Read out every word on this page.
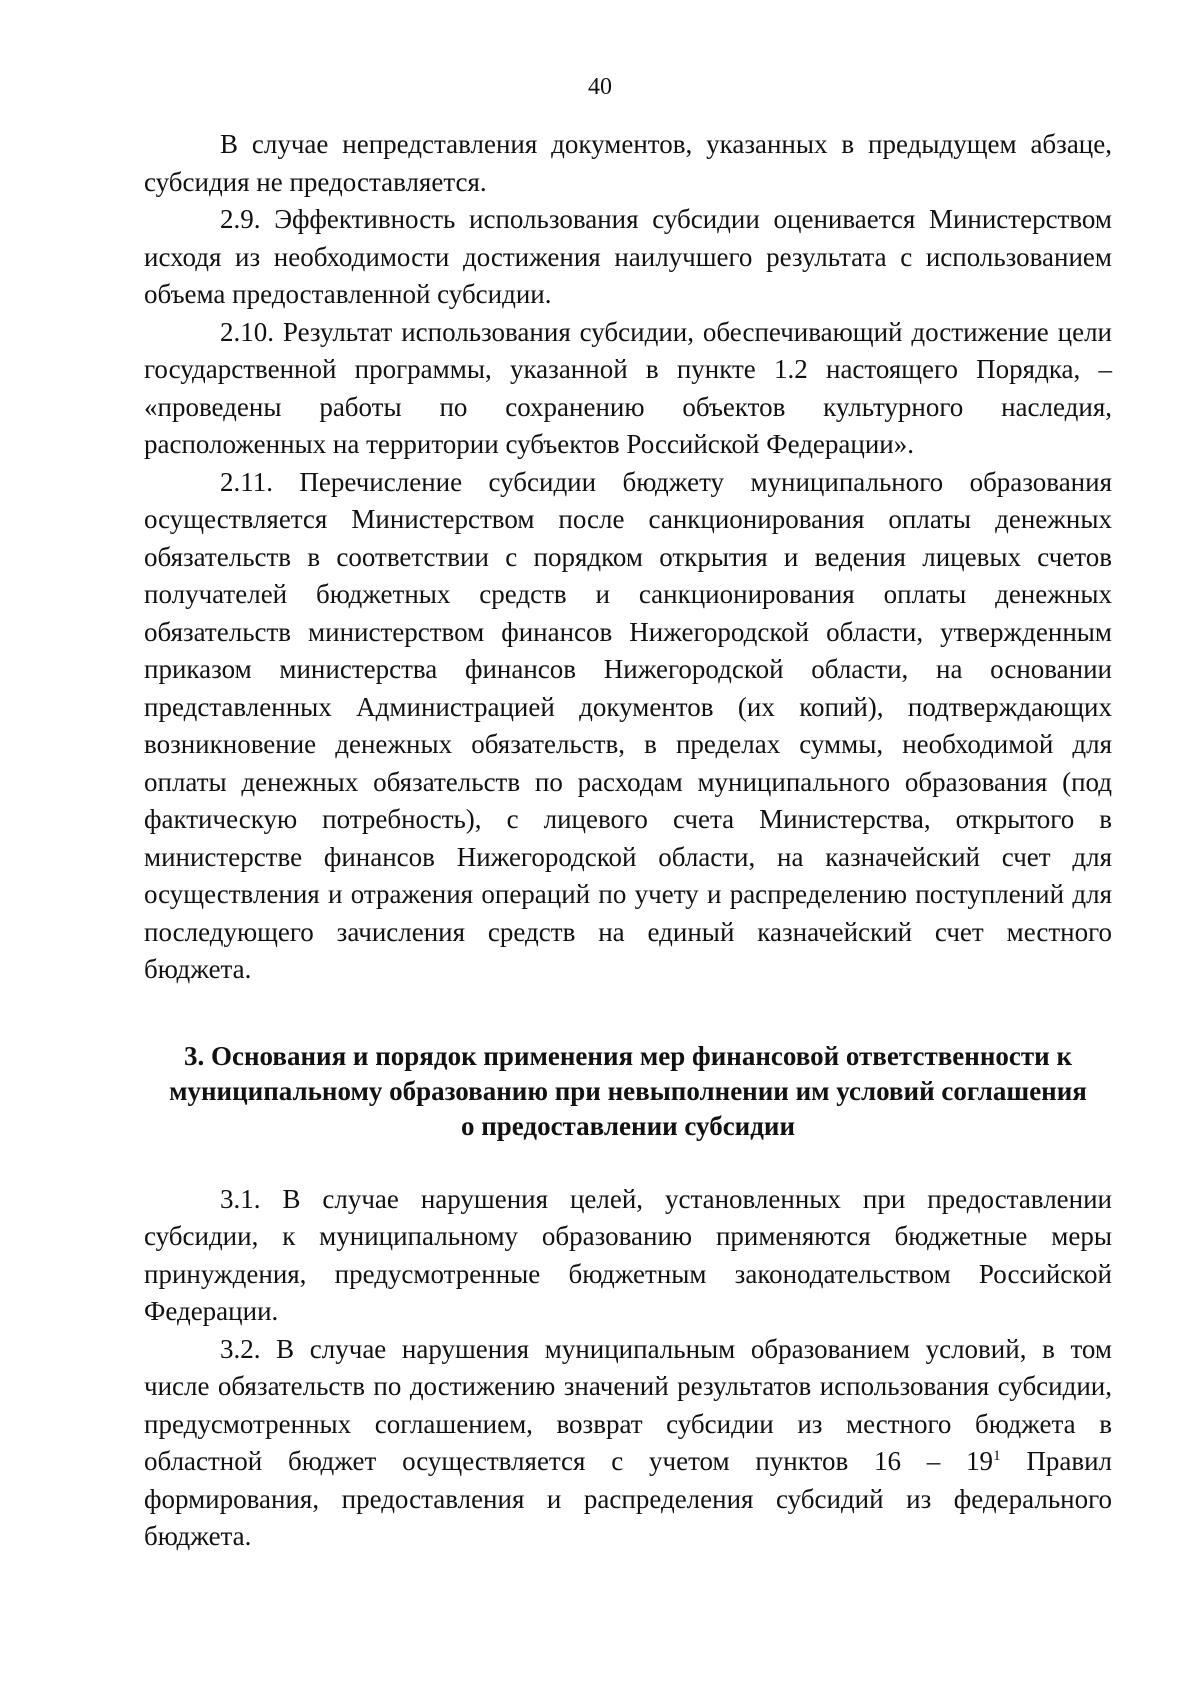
40

В случае непредставления документов, указанных в предыдущем абзаце, субсидия не предоставляется.

2.9. Эффективность использования субсидии оценивается Министерством исходя из необходимости достижения наилучшего результата с использованием объема предоставленной субсидии.

2.10. Результат использования субсидии, обеспечивающий достижение цели государственной программы, указанной в пункте 1.2 настоящего Порядка, – «проведены работы по сохранению объектов культурного наследия, расположенных на территории субъектов Российской Федерации».

2.11. Перечисление субсидии бюджету муниципального образования осуществляется Министерством после санкционирования оплаты денежных обязательств в соответствии с порядком открытия и ведения лицевых счетов получателей бюджетных средств и санкционирования оплаты денежных обязательств министерством финансов Нижегородской области, утвержденным приказом министерства финансов Нижегородской области, на основании представленных Администрацией документов (их копий), подтверждающих возникновение денежных обязательств, в пределах суммы, необходимой для оплаты денежных обязательств по расходам муниципального образования (под фактическую потребность), с лицевого счета Министерства, открытого в министерстве финансов Нижегородской области, на казначейский счет для осуществления и отражения операций по учету и распределению поступлений для последующего зачисления средств на единый казначейский счет местного бюджета.

3. Основания и порядок применения мер финансовой ответственности к
муниципальному образованию при невыполнении им условий соглашения
о предоставлении субсидии

3.1. В случае нарушения целей, установленных при предоставлении субсидии, к муниципальному образованию применяются бюджетные меры принуждения, предусмотренные бюджетным законодательством Российской Федерации.

3.2. В случае нарушения муниципальным образованием условий, в том числе обязательств по достижению значений результатов использования субсидии, предусмотренных соглашением, возврат субсидии из местного бюджета в областной бюджет осуществляется с учетом пунктов $16 - 19^1$ Правил формирования, предоставления и распределения субсидий из федерального бюджета.
